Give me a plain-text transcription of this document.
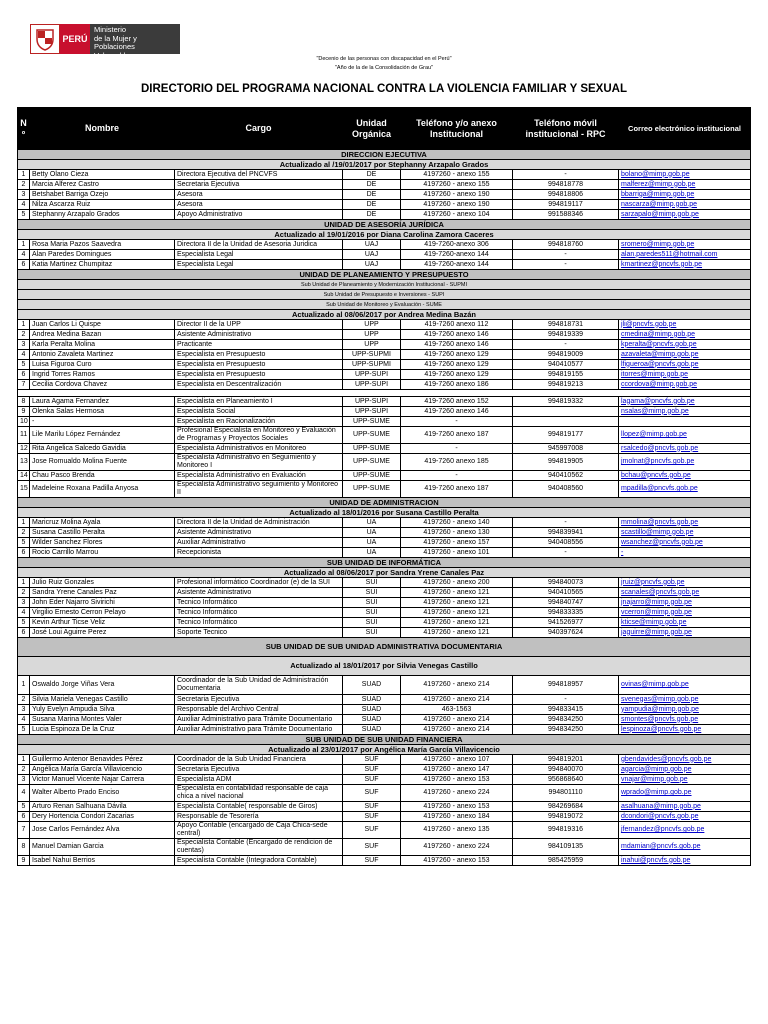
PERÚ
Ministerio
de la Mujer y
Poblaciones Vulnerables	"Decenio de las personas con discapacidad en el Perú"
"Año de la de la Consolidación de Grau"
DIRECTORIO DEL PROGRAMA NACIONAL CONTRA LA VIOLENCIA FAMILIAR Y SEXUAL
N º	Nombre	Cargo	Unidad Orgánica	Teléfono y/o anexo Institucional	Teléfono móvil institucional - RPC	Correo electrónico institucional
DIRECCION EJECUTIVA						
Actualizado al /19/01/2017 por Stephanny Arzapalo Grados						
1	Betty Olano Cieza	Directora Ejecutiva del PNCVFS	DE	4197260 - anexo 155	-	bolano@mimp.gob.pe
2	Marcia Alferez Castro	Secretaria Ejecutiva	DE	4197260 - anexo 155	994818778	malferez@mimp.gob.pe
3	Betshabet Barriga Ozejo	Asesora	DE	4197260 - anexo 190	994818806	bbarriga@mimp.gob.pe
4	Nilza Ascarza Ruiz	Asesora	DE	4197260 - anexo 190	994819117	nascarza@mimp.gob.pe
5	Stephanny Arzapalo Grados	Apoyo Administrativo	DE	4197260 - anexo 104	991588346	sarzapalo@mimp.gob.pe
UNIDAD DE ASESORÍA JURÍDICA						
Actualizado al 19/01/2016 por Diana Carolina Zamora Caceres						
1	Rosa Maria Pazos Saavedra	Directora II de la Unidad de Asesoria Juridica	UAJ	419-7260-anexo 306	994818760	sromero@mimp.gob.pe
4	Alan Paredes Domingues	Especialista Legal	UAJ	419-7260-anexo 144	-	alan.paredes511@hotmail.com
6	Katia Martinez Chumpitaz	Especialista Legal	UAJ	419-7260-anexo 144	-	kmartinez@pncvfs.gob.pe
UNIDAD DE PLANEAMIENTO Y PRESUPUESTO						
Sub Unidad de Planeamiento y Modernización Institucional - SUPMI						
Sub Unidad de Presupuesto e Inversiones - SUPI						
Sub Unidad de Monitoreo y Evaluación - SUME						
Actualizado al 08/06/2017 por Andrea Medina Bazán						
1	Juan Carlos Li Quispe	Director II de la UPP	UPP	419-7260 anexo 112	994818731	jli@pncvfs.gob.pe
2	Andrea Medina Bazan	Asistente Administrativo	UPP	419-7260 anexo 146	994819339	cmedina@mimp.gob.pe
3	Karla Peralta Molina	Practicante	UPP	419-7260 anexo 146	-	kperalta@pncvfs.gob.pe
4	Antonio Zavaleta Martinez	Especialista en Presupuesto	UPP-SUPMI	419-7260 anexo 129	994819009	azavaleta@mimp.gob.pe
5	Luisa Figuroa Curo	Especialista en Presupuesto	UPP-SUPMI	419-7260 anexo 129	940410577	lfigueroa@pncvfs.gob.pe
6	Ingrid Torres Ramos	Especialista en Presupuesto	UPP-SUPI	419-7260 anexo 129	994819155	itorres@mimp.gob.pe
7	Cecilia Cordova Chavez	Especialista en Descentralización	UPP-SUPI	419-7260 anexo 186	994819213	ccordova@mimp.gob.pe

8	Laura Agama Fernandez	Especialista en Planeamiento I	UPP-SUPI	419-7260 anexo 152	994819332	lagama@pncvfs.gob.pe
9	Olenka Salas Hermosa	Especialista Social	UPP-SUPI	419-7260 anexo 146		nsalas@mimp.gob.pe
10	-	Especialista en Racionalización	UPP-SUME	-		
11	Lile Marilu López Fernández	Profesional Especialista en Monitoreo y Evaluación de Programas y Proyectos Sociales	UPP-SUME	419-7260 anexo 187	994819177	llopez@mimp.gob.pe
12	Rita Angelica Salcedo Gavidia	Especialista Administrativos en Monitoreo	UPP-SUME	-	945997008	rsalcedo@pncvfs.gob.pe
13	Jose Romualdo Molina Fuente	Especialista Administrativo en Seguimiento y Monitoreo I	UPP-SUME	419-7260 anexo 185	994819905	jmolnat@pncvfs.gob.pe
14	Chau Pasco Brenda	Especialista Administrativo en Evaluación	UPP-SUME	-	940410562	bchau@pncvfs.gob.pe
15	Madeleine Roxana Padilla Anyosa	Especialista Administrativo seguimiento y Monitoreo II	UPP-SUME	419-7260 anexo 187	940408560	mpadilla@pncvfs.gob.pe
UNIDAD DE ADMINISTRACION						
Actualizado al 18/01/2016 por Susana Castillo Peralta						
1	Maricruz Molina Ayala	Directora II de la Unidad de Administración	UA	4197260 - anexo 140	-	mmolina@pncvfs.gob.pe
2	Susana Castillo Peralta	Asistente Administrativo	UA	4197260 - anexo 130	994839941	scastillo@mimp.gob.pe
5	Wilder Sanchez Flores	Auxiliar Administrativo	UA	4197260 - anexo 157	940408556	wsanchez@pncvfs.gob.pe
6	Rocio Carrillo Marrou	Recepcionista	UA	4197260 - anexo 101	-	-
SUB UNIDAD DE INFORMÁTICA						
Actualizado al 08/06/2017 por Sandra Yrene Canales Paz						
1	Julio Ruiz Gonzales	Profesional informático Coordinador (e) de la SUI	SUI	4197260 - anexo 200	994840073	jruiz@pncvfs.gob.pe
2	Sandra Yrene Canales Paz	Asistente Administrativo	SUI	4197260 - anexo 121	940410565	scanales@pncvfs.gob.pe
3	John Eder Najarro Sivirichi	Tecnico Informático	SUI	4197260 - anexo 121	994840747	jnajarro@mimp.gob.pe
4	Virgilio Ernesto Cerron Pelayo	Tecnico Informático	SUI	4197260 - anexo 121	994833335	vcerron@mimp.gob.pe
5	Kevin Arthur Ticse Veliz	Tecnico Informático	SUI	4197260 - anexo 121	941526977	kticse@mimp.gob.pe
6	José Loui Aguirre Perez	Soporte Tecnico	SUI	4197260 - anexo 121	940397624	jaguirre@mimp.gob.pe
SUB UNIDAD DE SUB UNIDAD ADMINISTRATIVA DOCUMENTARIA						
Actualizado al 18/01/2017 por Silvia Venegas Castillo						
1	Oswaldo Jorge Viñas Vera	Coordinador de la Sub Unidad de Administración Documentaria	SUAD	4197260 - anexo 214	994818957	ovinas@mimp.gob.pe
2	Silvia Mariela Venegas Castillo	Secretaria Ejecutiva	SUAD	4197260 - anexo 214	-	svenegas@mimp.gob.pe
3	Yuly Evelyn Ampudia Silva	Responsable del Archivo Central	SUAD	463-1563	994833415	yampudia@mimp.gob.pe
4	Susana Marina Montes Valer	Auxiliar Administrativo para Trámite Documentario	SUAD	4197260 - anexo 214	994834250	smontes@pncvfs.gob.pe
5	Lucia Espinoza De la Cruz	Auxiliar Administrativo para Trámite Documentario	SUAD	4197260 - anexo 214	994834250	lespinoza@pncvfs.gob.pe
SUB UNIDAD DE SUB UNIDAD FINANCIERA						
Actualizado al 23/01/2017 por Angélica María García Villavicencio						
1	Guillermo Antenor Benavides Pérez	Coordinador de la Sub Unidad Financiera	SUF	4197260 - anexo 107	994819201	gbendavides@pncvfs.gob.pe
2	Angélica María García Villavicencio	Secretaria Ejecutiva	SUF	4197260 - anexo 147	994840070	agarcia@mimp.gob.pe
3	Victor Manuel Vicente Najar Carrera	Especialista ADM	SUF	4197260 - anexo 153	956868640	vnajar@mimp.gob.pe
4	Walter Alberto Prado Enciso	Especialista en contabilidad responsable de caja chica a nivel nacional	SUF	4197260 - anexo 224	994801110	wprado@mimp.gob.pe
5	Arturo Renan Salhuana Dávila	Especialista Contable( responsable de Giros)	SUF	4197260 - anexo 153	984269684	asalhuana@mimp.gob.pe
6	Dery Hortencia Condori Zacarias	Responsable de Tesorería	SUF	4197260 - anexo 184	994819072	dcondori@pncvfs.gob.pe
7	Jose Carlos Fernández Alva	Apoyo Contable (encargado de Caja Chica-sede central)	SUF	4197260 - anexo 135	994819316	jfernandez@pncvfs.gob.pe
8	Manuel Damian Garcia	Especialista Contable (Encargado de rendicion de cuentas)	SUF	4197260 - anexo 224	984109135	mdamian@pncvfs.gob.pe
9	Isabel Nahui Berrios	Especialista Contable (Integradora Contable)	SUF	4197260 - anexo 153	985425959	inahui@pncvfs.gob.pe
